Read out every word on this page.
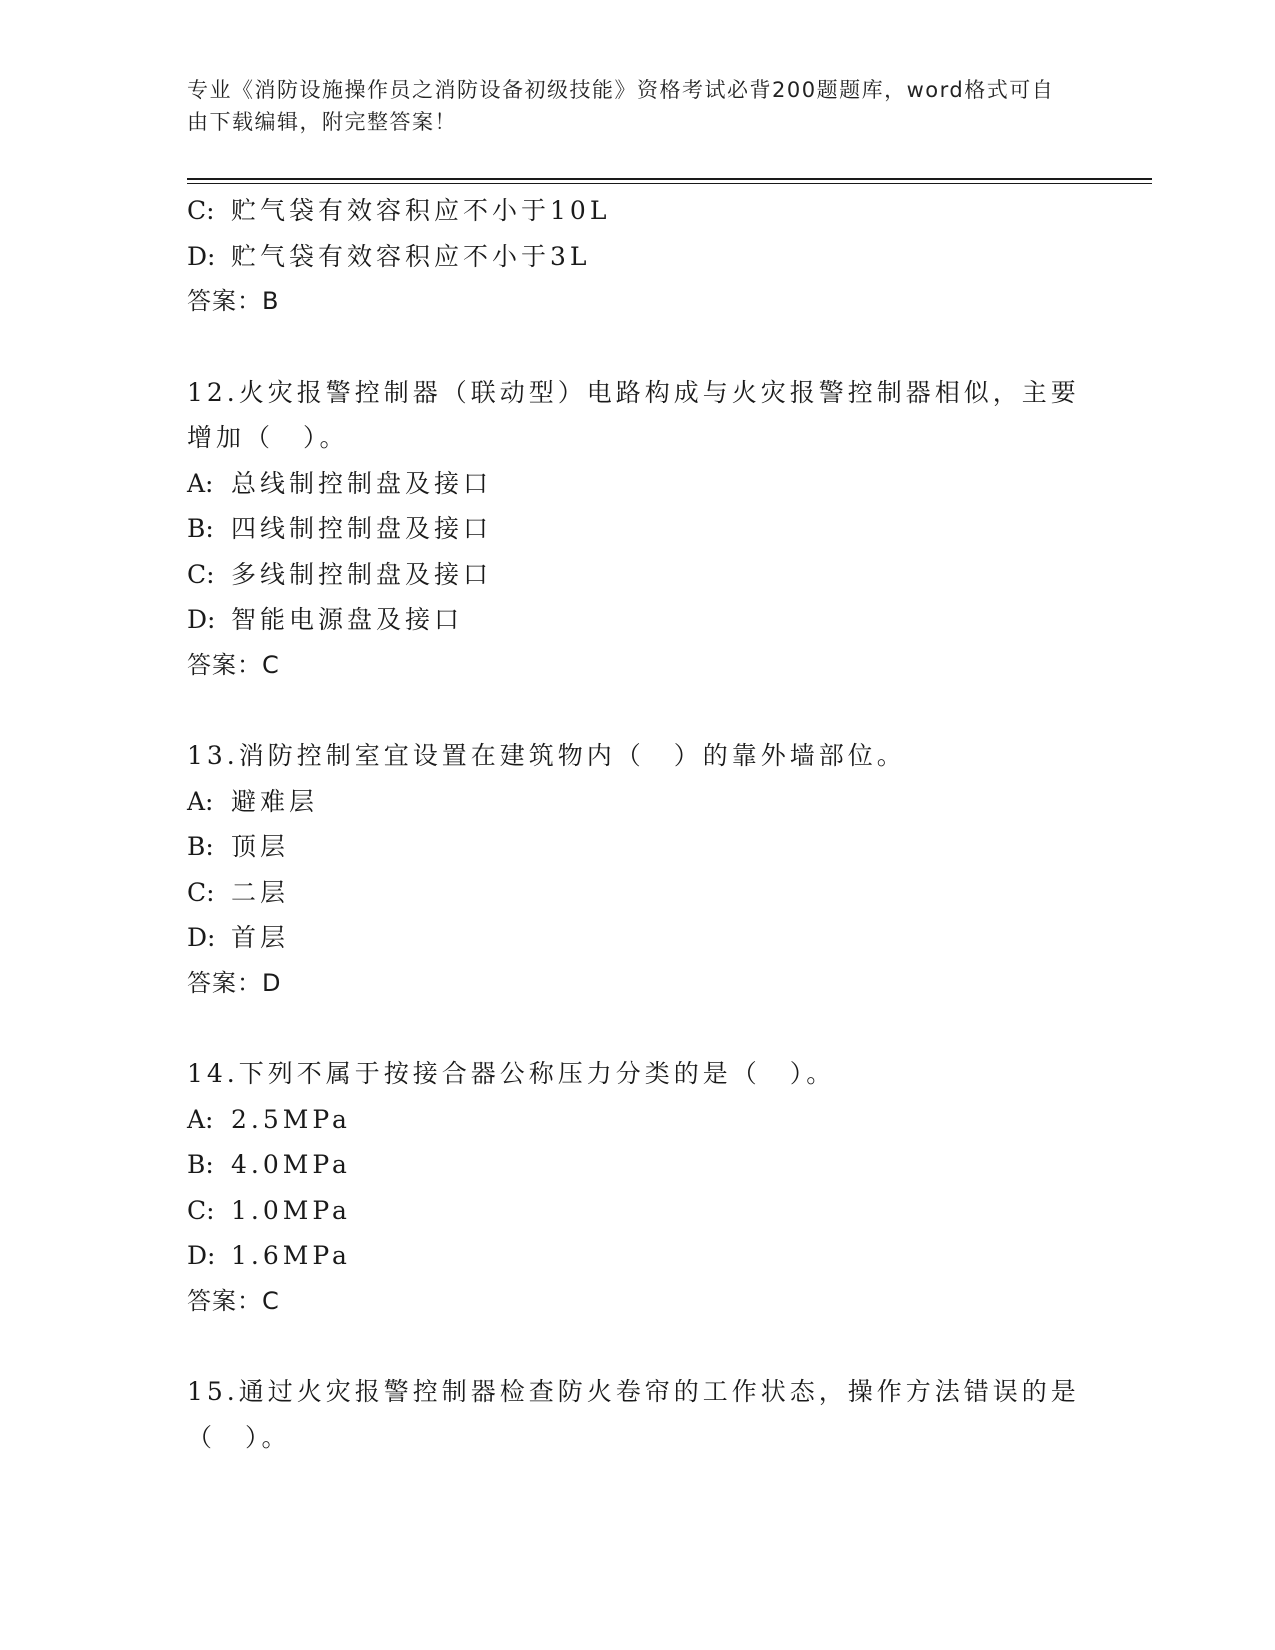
专业《消防设施操作员之消防设备初级技能》资格考试必背200题题库，word格式可自由下载编辑，附完整答案！
C: 贮气袋有效容积应不小于10L
D: 贮气袋有效容积应不小于3L
答案：B
12.火灾报警控制器（联动型）电路构成与火灾报警控制器相似，主要增加（　）。
A: 总线制控制盘及接口
B: 四线制控制盘及接口
C: 多线制控制盘及接口
D: 智能电源盘及接口
答案：C
13.消防控制室宜设置在建筑物内（　）的靠外墙部位。
A: 避难层
B: 顶层
C: 二层
D: 首层
答案：D
14.下列不属于按接合器公称压力分类的是（　）。
A: 2.5MPa
B: 4.0MPa
C: 1.0MPa
D: 1.6MPa
答案：C
15.通过火灾报警控制器检查防火卷帘的工作状态，操作方法错误的是（　）。
